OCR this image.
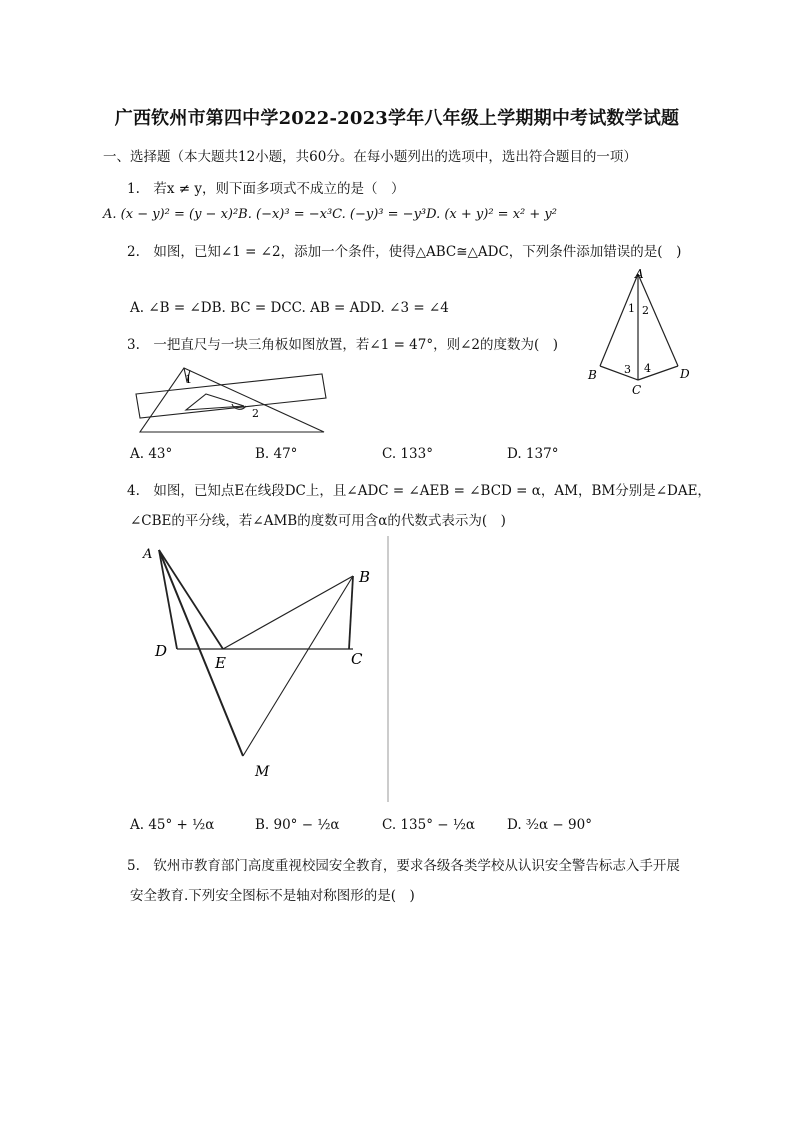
广西钦州市第四中学2022-2023学年八年级上学期期中考试数学试题
一、选择题（本大题共12小题，共60分。在每小题列出的选项中，选出符合题目的一项）
1.　若x ≠ y，则下面多项式不成立的是（　）
A. (x − y)² = (y − x)²B. (−x)³ = −x³C. (−y)³ = −y³D. (x + y)² = x² + y²
2.　如图，已知∠1 = ∠2，添加一个条件，使得△ABC≅△ADC，下列条件添加错误的是(　)
A. ∠B = ∠DB. BC = DCC. AB = ADD. ∠3 = ∠4
A
B
C
D
1 2
3 4
3.　一把直尺与一块三角板如图放置，若∠1 = 47°，则∠2的度数为(　)
1
2
A. 43°	B. 47°	C. 133°	D. 137°
4.　如图，已知点E在线段DC上，且∠ADC = ∠AEB = ∠BCD = α，AM，BM分别是∠DAE，
∠CBE的平分线，若∠AMB的度数可用含α的代数式表示为(　)
A
B
C
D
E
M
A. 45° + ½α	B. 90° − ½α	C. 135° − ½α D. ³⁄₂α − 90°
5.　钦州市教育部门高度重视校园安全教育，要求各级各类学校从认识安全警告标志入手开展
安全教育.下列安全图标不是轴对称图形的是(　)
